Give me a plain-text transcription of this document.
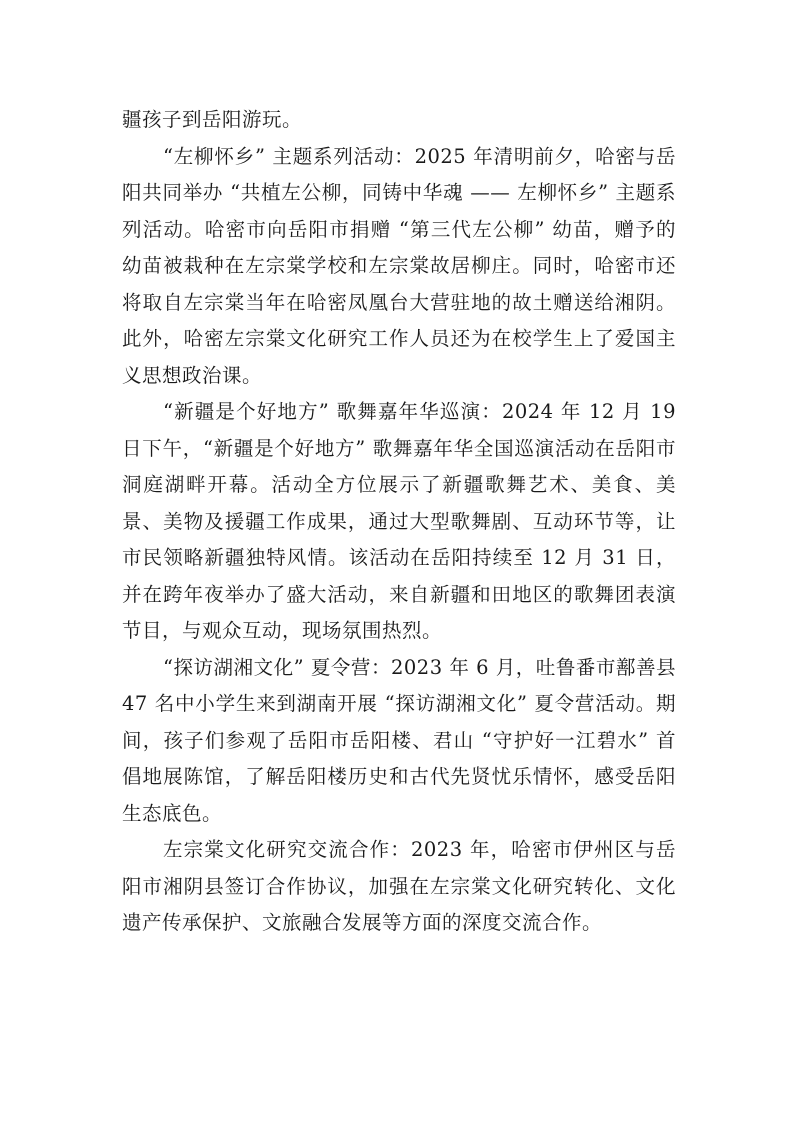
疆孩子到岳阳游玩。

“左柳怀乡” 主题系列活动：2025 年清明前夕，哈密与岳阳共同举办 “共植左公柳，同铸中华魂 —— 左柳怀乡” 主题系列活动。哈密市向岳阳市捐赠 “第三代左公柳” 幼苗，赠予的幼苗被栽种在左宗棠学校和左宗棠故居柳庄。同时，哈密市还将取自左宗棠当年在哈密凤凰台大营驻地的故土赠送给湘阴。此外，哈密左宗棠文化研究工作人员还为在校学生上了爱国主义思想政治课。

“新疆是个好地方” 歌舞嘉年华巡演：2024 年 12 月 19 日下午，“新疆是个好地方” 歌舞嘉年华全国巡演活动在岳阳市洞庭湖畔开幕。活动全方位展示了新疆歌舞艺术、美食、美景、美物及援疆工作成果，通过大型歌舞剧、互动环节等，让市民领略新疆独特风情。该活动在岳阳持续至 12 月 31 日，并在跨年夜举办了盛大活动，来自新疆和田地区的歌舞团表演节目，与观众互动，现场氛围热烈。

“探访湖湘文化” 夏令营：2023 年 6 月，吐鲁番市鄯善县 47 名中小学生来到湖南开展 “探访湖湘文化” 夏令营活动。期间，孩子们参观了岳阳市岳阳楼、君山 “守护好一江碧水” 首倡地展陈馆，了解岳阳楼历史和古代先贤忧乐情怀，感受岳阳生态底色。

左宗棠文化研究交流合作：2023 年，哈密市伊州区与岳阳市湘阴县签订合作协议，加强在左宗棠文化研究转化、文化遗产传承保护、文旅融合发展等方面的深度交流合作。
